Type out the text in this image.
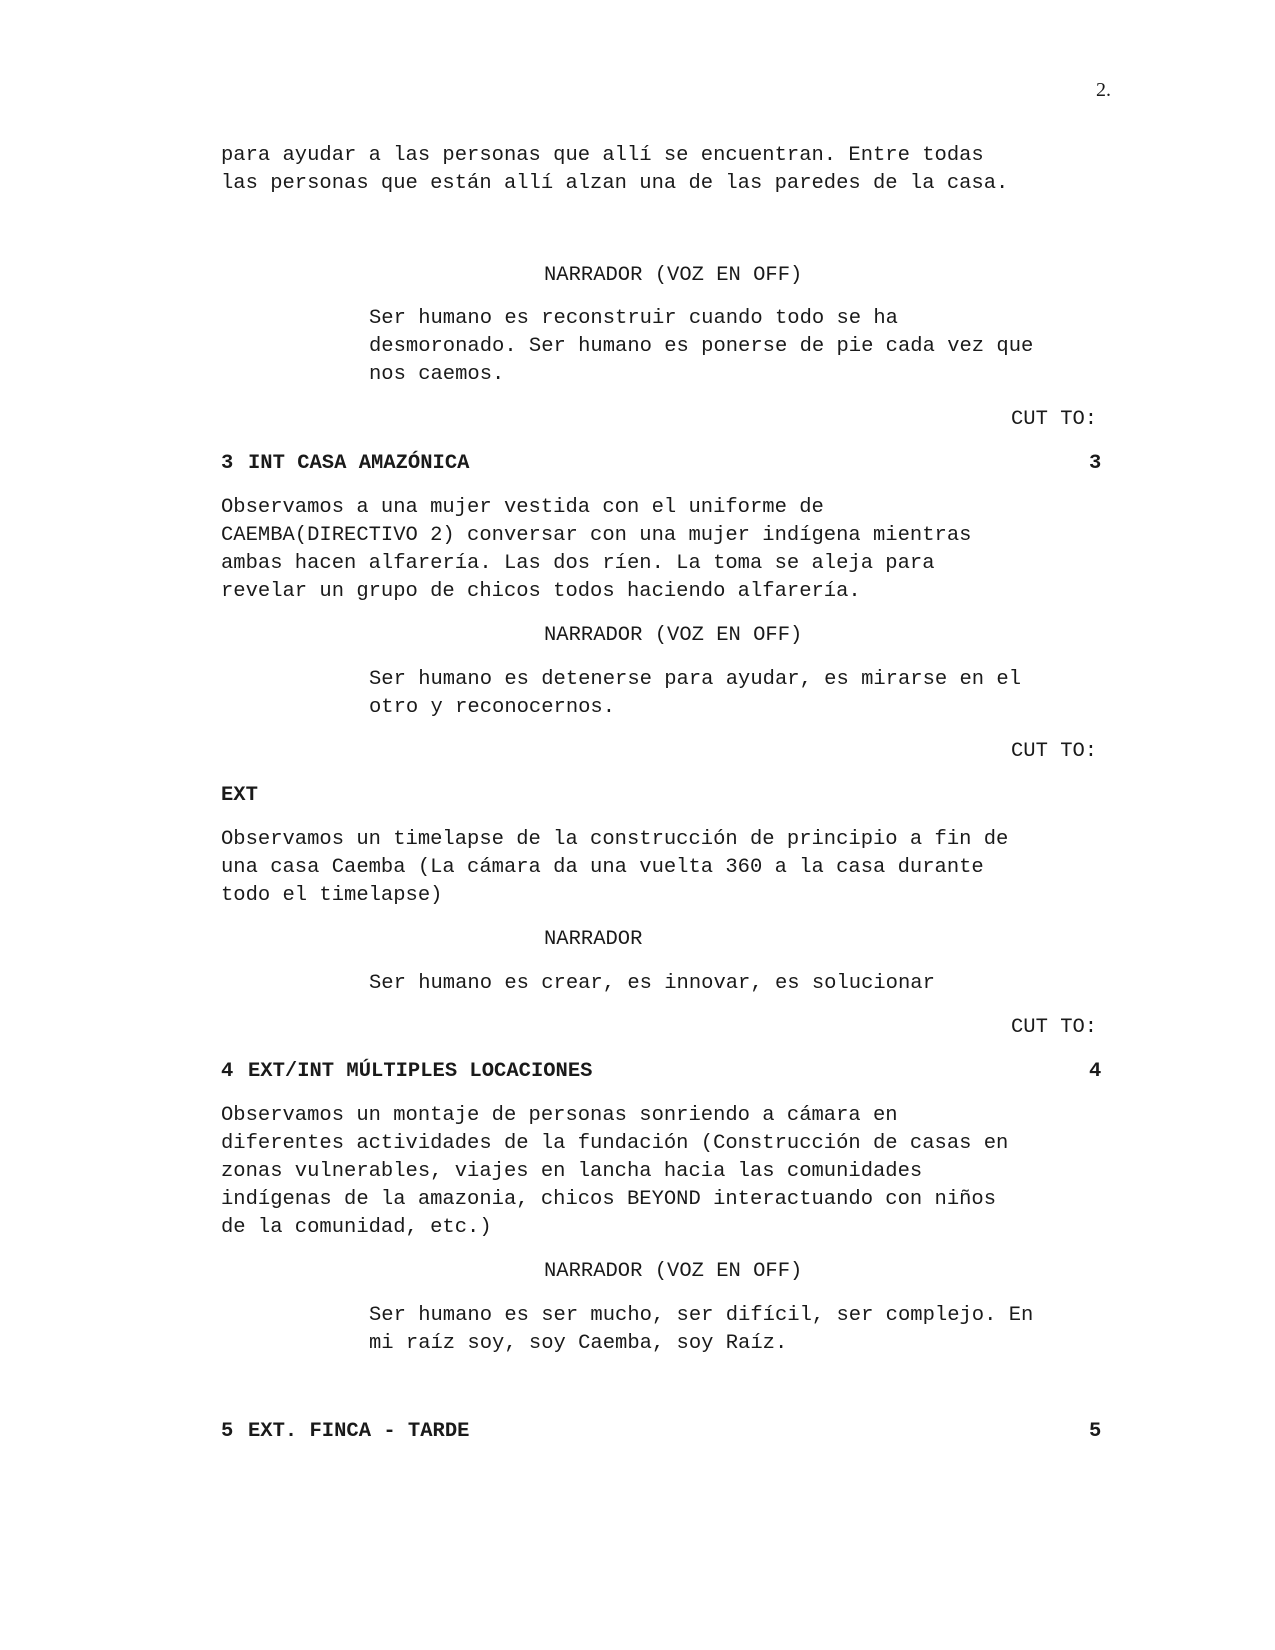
2.

para ayudar a las personas que allí se encuentran. Entre todas

las personas que están allí alzan una de las paredes de la casa.

NARRADOR (VOZ EN OFF)

Ser humano es reconstruir cuando todo se ha

desmoronado. Ser humano es ponerse de pie cada vez que

nos caemos.

CUT TO:

3 INT CASA AMAZÓNICA	3

Observamos a una mujer vestida con el uniforme de

CAEMBA(DIRECTIVO 2) conversar con una mujer indígena mientras

ambas hacen alfarería. Las dos ríen. La toma se aleja para

revelar un grupo de chicos todos haciendo alfarería.

NARRADOR (VOZ EN OFF)

Ser humano es detenerse para ayudar, es mirarse en el

otro y reconocernos.

CUT TO:

EXT

Observamos un timelapse de la construcción de principio a fin de

una casa Caemba (La cámara da una vuelta 360 a la casa durante

todo el timelapse)

NARRADOR

Ser humano es crear, es innovar, es solucionar

CUT TO:

4 EXT/INT MÚLTIPLES LOCACIONES	4

Observamos un montaje de personas sonriendo a cámara en

diferentes actividades de la fundación (Construcción de casas en

zonas vulnerables, viajes en lancha hacia las comunidades

indígenas de la amazonia, chicos BEYOND interactuando con niños

de la comunidad, etc.)

NARRADOR (VOZ EN OFF)

Ser humano es ser mucho, ser difícil, ser complejo. En

mi raíz soy, soy Caemba, soy Raíz.

5 EXT. FINCA - TARDE	5
